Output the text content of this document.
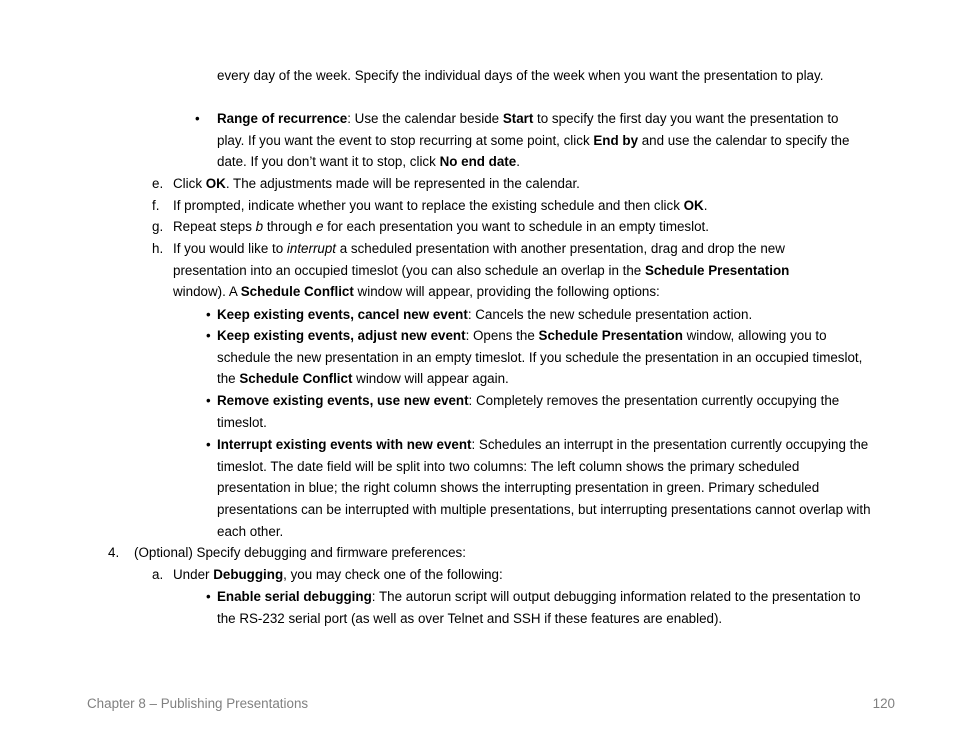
every day of the week. Specify the individual days of the week when you want the presentation to play.
• Range of recurrence: Use the calendar beside Start to specify the first day you want the presentation to play. If you want the event to stop recurring at some point, click End by and use the calendar to specify the date. If you don’t want it to stop, click No end date.
e. Click OK. The adjustments made will be represented in the calendar.
f. If prompted, indicate whether you want to replace the existing schedule and then click OK.
g. Repeat steps b through e for each presentation you want to schedule in an empty timeslot.
h. If you would like to interrupt a scheduled presentation with another presentation, drag and drop the new presentation into an occupied timeslot (you can also schedule an overlap in the Schedule Presentation window). A Schedule Conflict window will appear, providing the following options:
• Keep existing events, cancel new event: Cancels the new schedule presentation action.
• Keep existing events, adjust new event: Opens the Schedule Presentation window, allowing you to schedule the new presentation in an empty timeslot. If you schedule the presentation in an occupied timeslot, the Schedule Conflict window will appear again.
• Remove existing events, use new event: Completely removes the presentation currently occupying the timeslot.
• Interrupt existing events with new event: Schedules an interrupt in the presentation currently occupying the timeslot. The date field will be split into two columns: The left column shows the primary scheduled presentation in blue; the right column shows the interrupting presentation in green. Primary scheduled presentations can be interrupted with multiple presentations, but interrupting presentations cannot overlap with each other.
4. (Optional) Specify debugging and firmware preferences:
a. Under Debugging, you may check one of the following:
• Enable serial debugging: The autorun script will output debugging information related to the presentation to the RS-232 serial port (as well as over Telnet and SSH if these features are enabled).
Chapter 8 – Publishing Presentations	120
